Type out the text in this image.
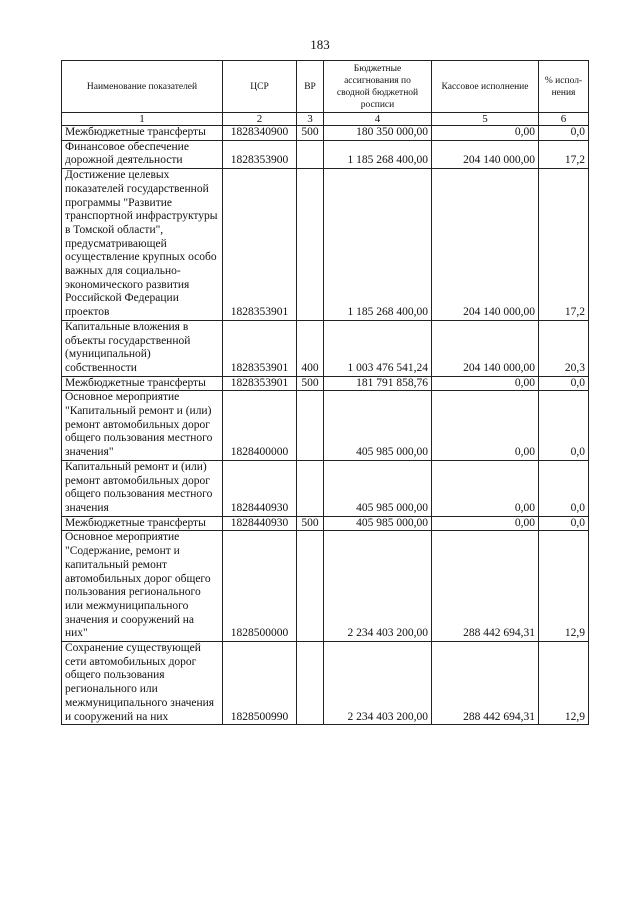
183
Наименование показателей	ЦСР	ВР	Бюджетные ассигнования по сводной бюджетной росписи	Кассовое исполнение	% испол-нения
1	2	3	4	5	6
Межбюджетные трансферты	1828340900	500	180 350 000,00	0,00	0,0
Финансовое обеспечение дорожной деятельности	1828353900		1 185 268 400,00	204 140 000,00	17,2
Достижение целевых показателей государственной программы "Развитие транспортной инфраструктуры в Томской области", предусматривающей осуществление крупных особо важных для социально-экономического развития Российской Федерации проектов	1828353901		1 185 268 400,00	204 140 000,00	17,2
Капитальные вложения в объекты государственной (муниципальной) собственности	1828353901	400	1 003 476 541,24	204 140 000,00	20,3
Межбюджетные трансферты	1828353901	500	181 791 858,76	0,00	0,0
Основное мероприятие "Капитальный ремонт и (или) ремонт автомобильных дорог общего пользования местного значения"	1828400000		405 985 000,00	0,00	0,0
Капитальный ремонт и (или) ремонт автомобильных дорог общего пользования местного значения	1828440930		405 985 000,00	0,00	0,0
Межбюджетные трансферты	1828440930	500	405 985 000,00	0,00	0,0
Основное мероприятие "Содержание, ремонт и капитальный ремонт автомобильных дорог общего пользования регионального или межмуниципального значения и сооружений на них"	1828500000		2 234 403 200,00	288 442 694,31	12,9
Сохранение существующей сети автомобильных дорог общего пользования регионального или межмуниципального значения и сооружений на них	1828500990		2 234 403 200,00	288 442 694,31	12,9
